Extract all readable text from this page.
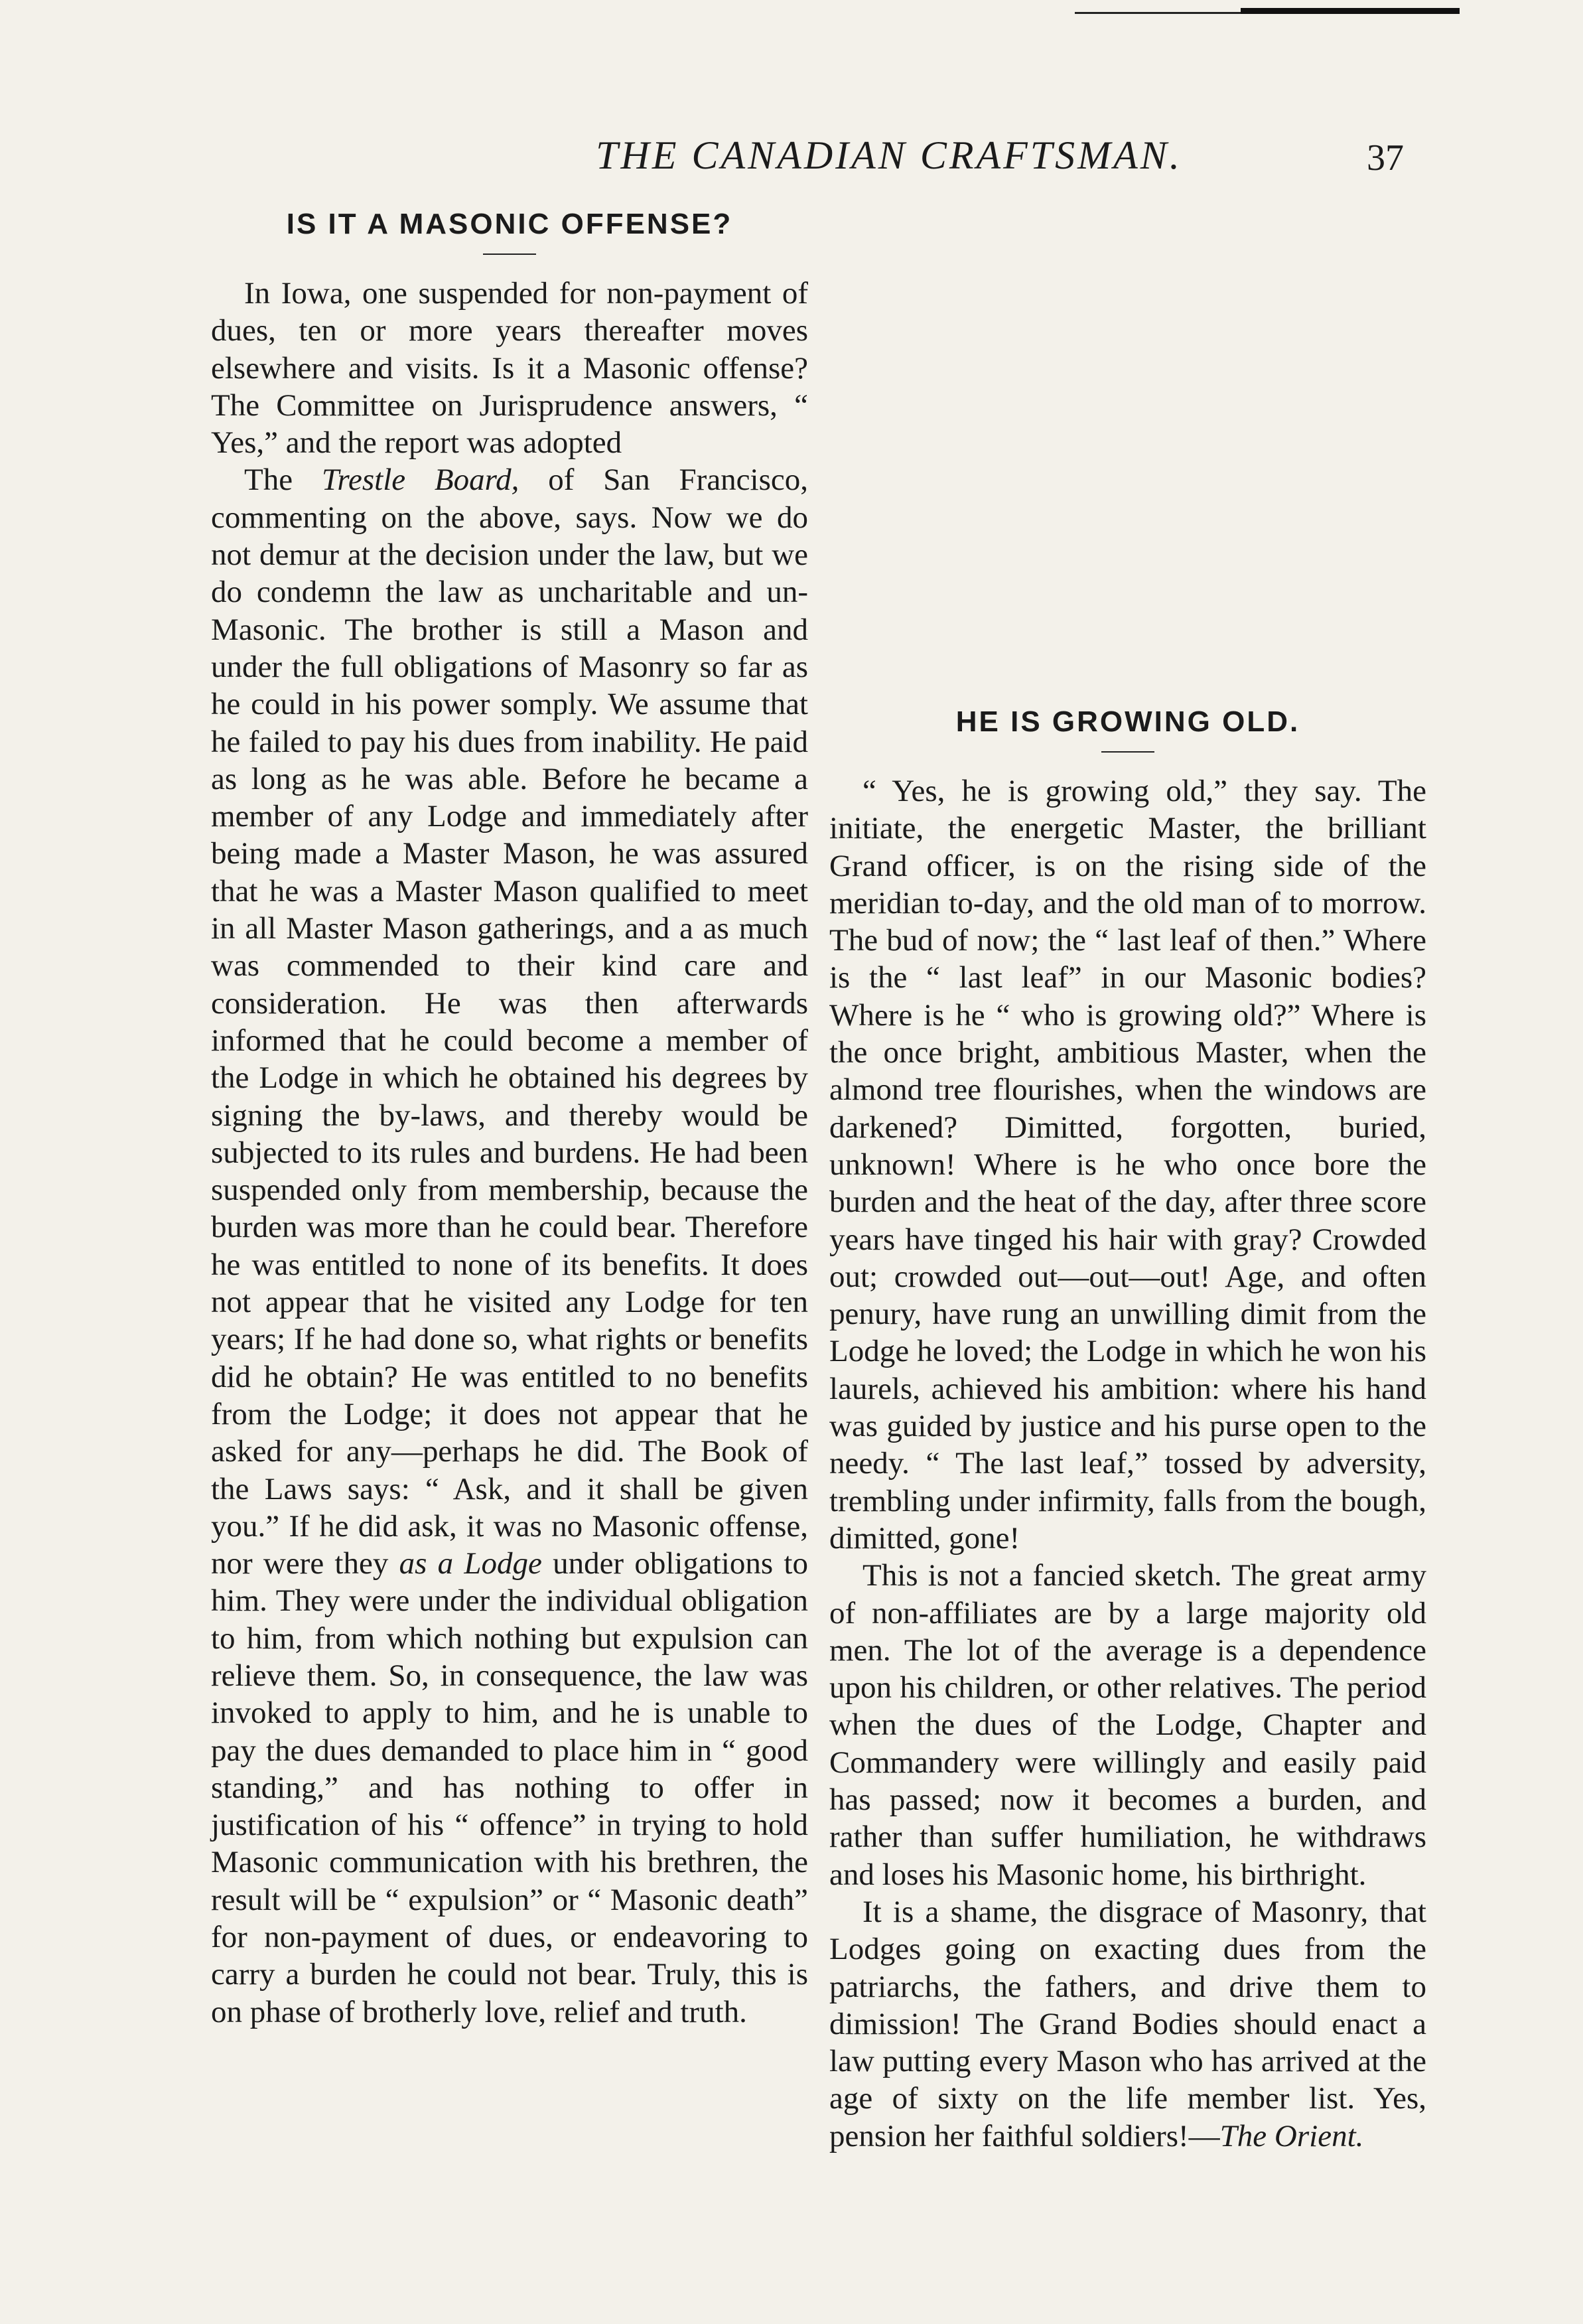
THE CANADIAN CRAFTSMAN.	37
IS IT A MASONIC OFFENSE?

In Iowa, one suspended for non-payment of dues, ten or more years thereafter moves elsewhere and visits. Is it a Masonic offense? The Committee on Jurisprudence answers, “ Yes,” and the report was adopted

The Trestle Board, of San Francisco, commenting on the above, says. Now we do not demur at the decision under the law, but we do condemn the law as uncharitable and un-Masonic. The brother is still a Mason and under the full obligations of Masonry so far as he could in his power somply. We assume that he failed to pay his dues from inability. He paid as long as he was able. Before he became a member of any Lodge and immediately after being made a Master Mason, he was assured that he was a Master Mason qualified to meet in all Master Mason gatherings, and a as much was commended to their kind care and consideration. He was then afterwards informed that he could become a member of the Lodge in which he obtained his degrees by signing the by-laws, and thereby would be subjected to its rules and burdens. He had been suspended only from membership, because the burden was more than he could bear. Therefore he was entitled to none of its benefits. It does not appear that he visited any Lodge for ten years; If he had done so, what rights or benefits did he obtain? He was entitled to no benefits from the Lodge; it does not appear that he asked for any—perhaps he did. The Book of the Laws says: “ Ask, and it shall be given you.” If he did ask, it was no Masonic offense, nor were they as a Lodge under obligations to him. They were under the individual obligation to him, from which nothing but expulsion can relieve them. So, in consequence, the law was invoked to apply to him, and he is unable to pay the dues demanded to place him in “ good standing,” and has nothing to offer in justification of his “ offence” in trying to hold Masonic communication with his brethren, the result will be “ expulsion” or “ Masonic death” for non-payment of dues, or endeavoring to carry a burden he could not bear. Truly, this is on phase of brotherly love, relief and truth.

HE IS GROWING OLD.

“ Yes, he is growing old,” they say. The initiate, the energetic Master, the brilliant Grand officer, is on the rising side of the meridian to-day, and the old man of to morrow. The bud of now; the “ last leaf of then.” Where is the “ last leaf” in our Masonic bodies? Where is he “ who is growing old?” Where is the once bright, ambitious Master, when the almond tree flourishes, when the windows are darkened? Dimitted, forgotten, buried, unknown! Where is he who once bore the burden and the heat of the day, after three score years have tinged his hair with gray? Crowded out; crowded out—out—out! Age, and often penury, have rung an unwilling dimit from the Lodge he loved; the Lodge in which he won his laurels, achieved his ambition: where his hand was guided by justice and his purse open to the needy. “ The last leaf,” tossed by adversity, trembling under infirmity, falls from the bough, dimitted, gone!

This is not a fancied sketch. The great army of non-affiliates are by a large majority old men. The lot of the average is a dependence upon his children, or other relatives. The period when the dues of the Lodge, Chapter and Commandery were willingly and easily paid has passed; now it becomes a burden, and rather than suffer humiliation, he withdraws and loses his Masonic home, his birthright.

It is a shame, the disgrace of Masonry, that Lodges going on exacting dues from the patriarchs, the fathers, and drive them to dimission! The Grand Bodies should enact a law putting every Mason who has arrived at the age of sixty on the life member list. Yes, pension her faithful soldiers!—The Orient.
